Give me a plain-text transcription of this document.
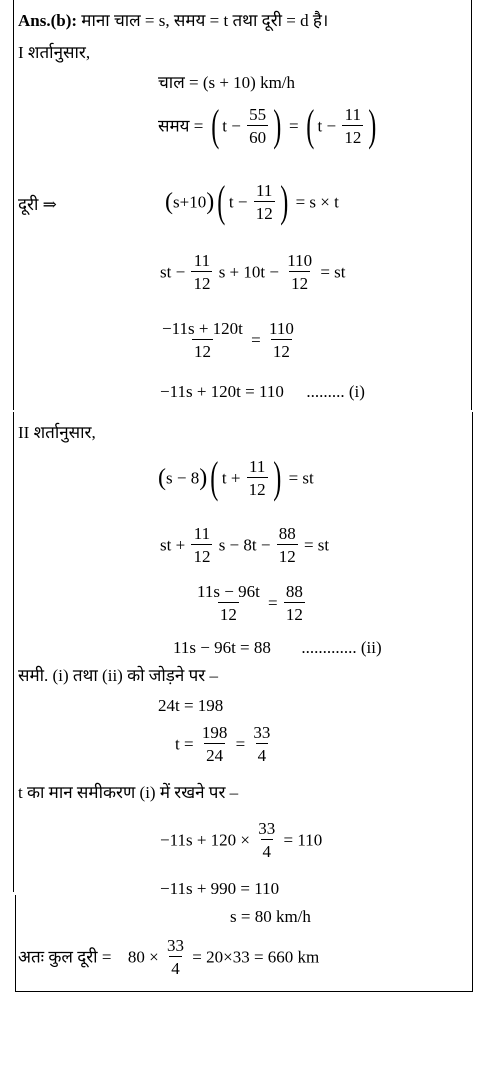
Ans.(b): माना चाल = s, समय = t तथा दूरी = d है।
I शर्तानुसार,
चाल = (s + 10) km/h
समय = ( $t - \frac{55}{60}$ ) = ( $t - \frac{11}{12}$ )
दूरी ⇒	(s+10)( $t - \frac{11}{12}$ ) = s × t
st − $\frac{11}{12}$ $s + 10t - \frac{110}{12}$ = st
$\frac{-11s + 120t}{12} = \frac{110}{12}$
−11s + 120t = 110 ......... (i)
II शर्तानुसार,
(s − 8)( $t + \frac{11}{12}$ ) = st
st + $\frac{11}{12}$ $s - 8t - \frac{88}{12}$ = st
$\frac{11s - 96t}{12} = \frac{88}{12}$
11s − 96t = 88 ............. (ii)
समी. (i) तथा (ii) को जोड़ने पर –
24t = 198
$t = \frac{198}{24} = \frac{33}{4}$
t का मान समीकरण (i) में रखने पर –
$-11s + 120 \times \frac{33}{4} = 110$
−11s + 990 = 110
s = 80 km/h
अतः कुल दूरी = $80 \times \frac{33}{4} = 20\times 33 = 660$ km
